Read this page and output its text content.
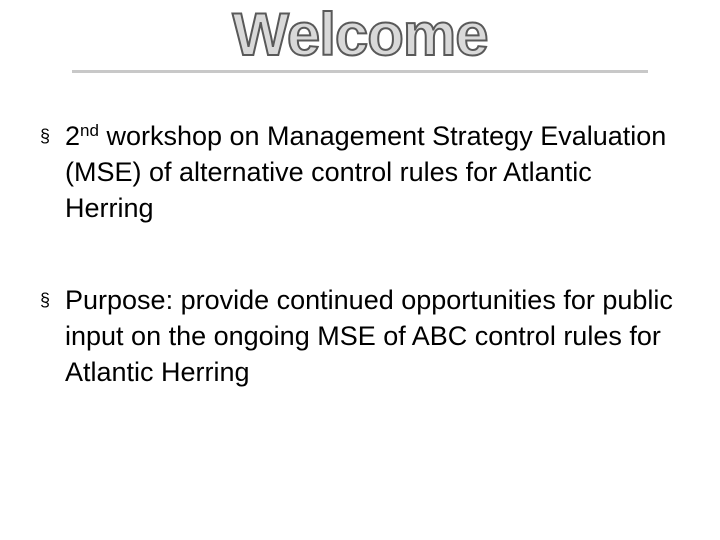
Welcome
§ 2nd workshop on Management Strategy Evaluation (MSE) of alternative control rules for Atlantic Herring
§ Purpose: provide continued opportunities for public input on the ongoing MSE of ABC control rules for Atlantic Herring
